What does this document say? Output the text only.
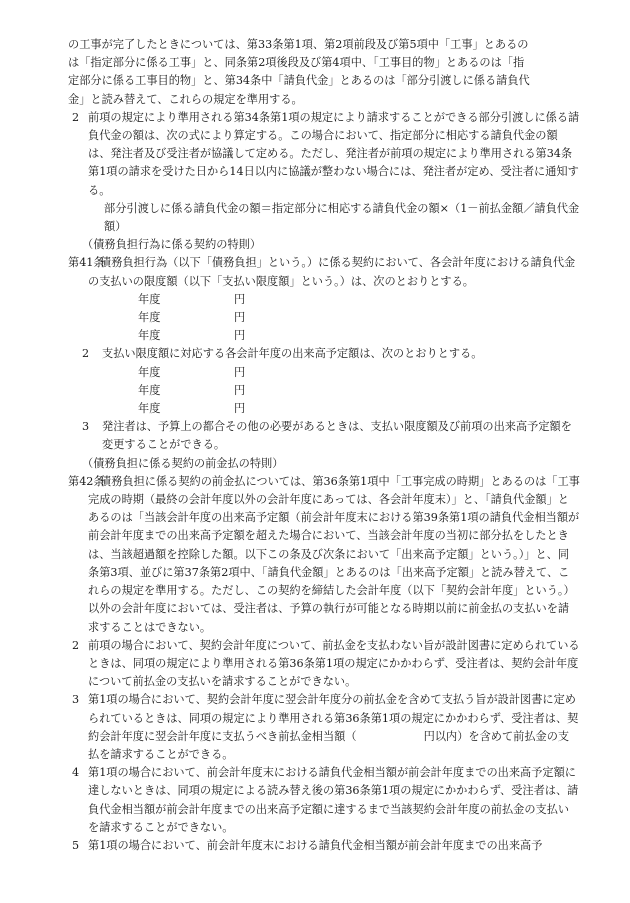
の工事が完了したときについては、第33条第1項、第2項前段及び第5項中「工事」とあるの
は「指定部分に係る工事」と、同条第2項後段及び第4項中、「工事目的物」とあるのは「指
定部分に係る工事目的物」と、第34条中「請負代金」とあるのは「部分引渡しに係る請負代
金」と読み替えて、これらの規定を準用する。

2 前項の規定により準用される第34条第1項の規定により請求することができる部分引渡しに係る請負代金の額は、次の式により算定する。この場合において、指定部分に相応する請負代金の額は、発注者及び受注者が協議して定める。ただし、発注者が前項の規定により準用される第34条第1項の請求を受けた日から14日以内に協議が整わない場合には、発注者が定め、受注者に通知する。

部分引渡しに係る請負代金の額＝指定部分に相応する請負代金の額×（1－前払金額／請負代金額）

（債務負担行為に係る契約の特則）

第41条
債務負担行為（以下「債務負担」という。）に係る契約において、各会計年度における請負代金の支払いの限度額（以下「支払い限度額」という。）は、次のとおりとする。

年度	円
年度	円
年度	円

2 支払い限度額に対応する各会計年度の出来高予定額は、次のとおりとする。

年度	円
年度	円
年度	円

3 発注者は、予算上の都合その他の必要があるときは、支払い限度額及び前項の出来高予定額を変更することができる。

（債務負担に係る契約の前金払の特則）

第42条
債務負担に係る契約の前金払については、第36条第1項中「工事完成の時期」とあるのは「工事完成の時期（最終の会計年度以外の会計年度にあっては、各会計年度末）」と、「請負代金額」とあるのは「当該会計年度の出来高予定額（前会計年度末における第39条第1項の請負代金相当額が前会計年度までの出来高予定額を超えた場合において、当該会計年度の当初に部分払をしたときは、当該超過額を控除した額。以下この条及び次条において「出来高予定額」という。）」と、同条第3項、並びに第37条第2項中、「請負代金額」とあるのは「出来高予定額」と読み替えて、これらの規定を準用する。ただし、この契約を締結した会計年度（以下「契約会計年度」という。）以外の会計年度においては、受注者は、予算の執行が可能となる時期以前に前金払の支払いを請求することはできない。

2 前項の場合において、契約会計年度について、前払金を支払わない旨が設計図書に定められているときは、同項の規定により準用される第36条第1項の規定にかかわらず、受注者は、契約会計年度について前払金の支払いを請求することができない。

3 第1項の場合において、契約会計年度に翌会計年度分の前払金を含めて支払う旨が設計図書に定められているときは、同項の規定により準用される第36条第1項の規定にかかわらず、受注者は、契約会計年度に翌会計年度に支払うべき前払金相当額（　　　　　　円以内）を含めて前払金の支払を請求することができる。

4 第1項の場合において、前会計年度末における請負代金相当額が前会計年度までの出来高予定額に達しないときは、同項の規定による読み替え後の第36条第1項の規定にかかわらず、受注者は、請負代金相当額が前会計年度までの出来高予定額に達するまで当該契約会計年度の前払金の支払いを請求することができない。

5 第1項の場合において、前会計年度末における請負代金相当額が前会計年度までの出来高予
